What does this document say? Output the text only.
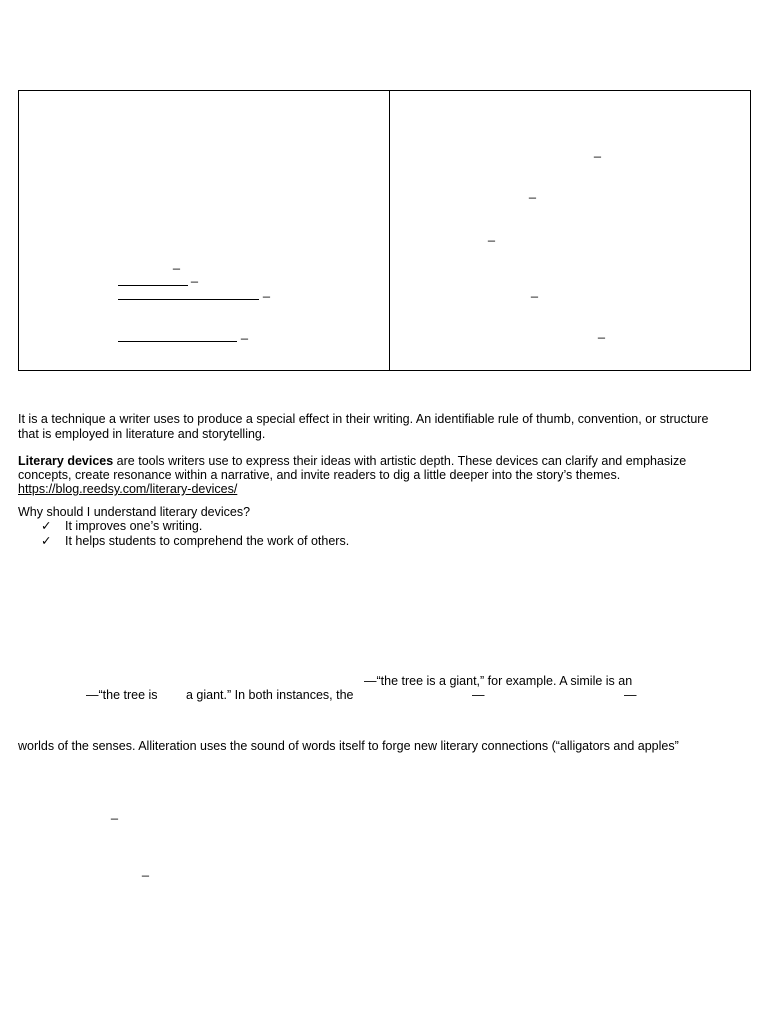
_
_
_
_
_
_
_
_
_
It is a technique a writer uses to produce a special effect in their writing. An identifiable rule of thumb, convention, or structure
that is employed in literature and storytelling.
Literary devices are tools writers use to express their ideas with artistic depth. These devices can clarify and emphasize
concepts, create resonance within a narrative, and invite readers to dig a little deeper into the story’s themes.
https://blog.reedsy.com/literary-devices/
Why should I understand literary devices?
✓ It improves one’s writing.
✓ It helps students to comprehend the work of others.
—“the tree is a giant,” for example. A simile is an
—“the tree is a giant.” In both instances, the	—	—
worlds of the senses. Alliteration uses the sound of words itself to forge new literary connections (“alligators and apples”
_
_
